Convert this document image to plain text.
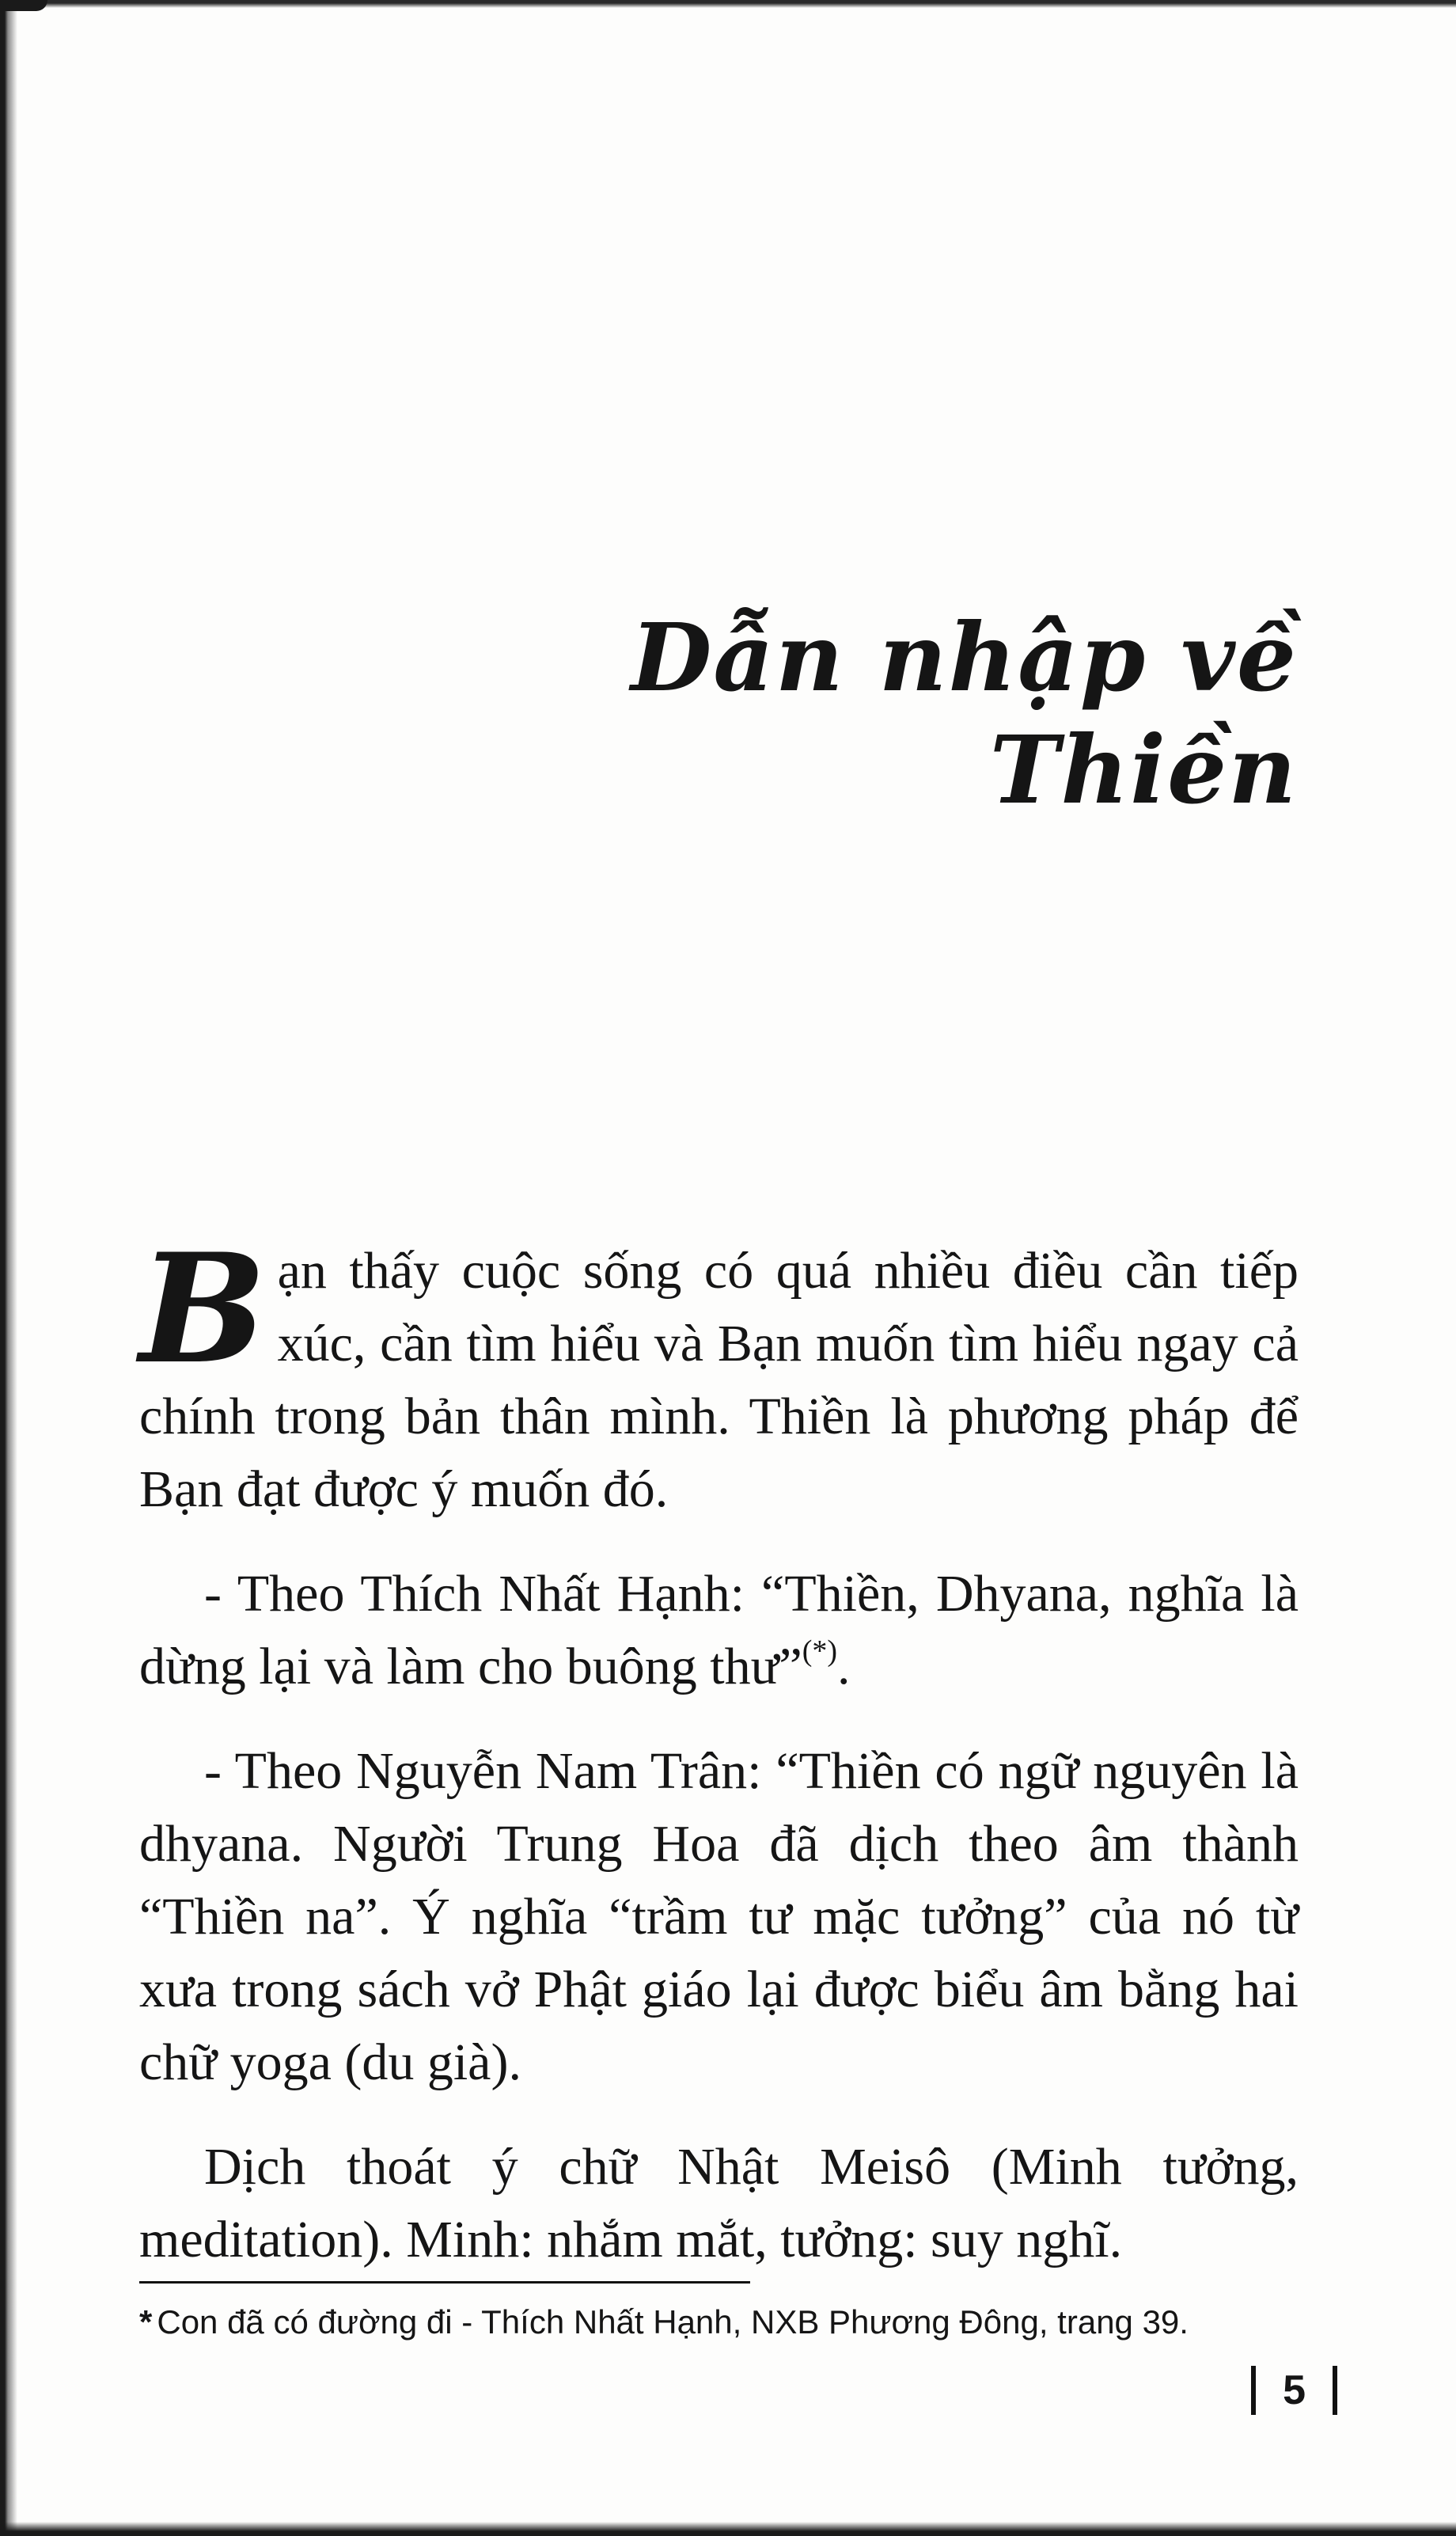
Dẫn nhập về Thiền

Bạn thấy cuộc sống có quá nhiều điều cần tiếp xúc, cần tìm hiểu và Bạn muốn tìm hiểu ngay cả chính trong bản thân mình. Thiền là phương pháp để Bạn đạt được ý muốn đó.

- Theo Thích Nhất Hạnh: “Thiền, Dhyana, nghĩa là dừng lại và làm cho buông thư”(*).

- Theo Nguyễn Nam Trân: “Thiền có ngữ nguyên là dhyana. Người Trung Hoa đã dịch theo âm thành “Thiền na”. Ý nghĩa “trầm tư mặc tưởng” của nó từ xưa trong sách vở Phật giáo lại được biểu âm bằng hai chữ yoga (du già).

Dịch thoát ý chữ Nhật Meisô (Minh tưởng, meditation). Minh: nhắm mắt, tưởng: suy nghĩ.

* Con đã có đường đi - Thích Nhất Hạnh, NXB Phương Đông, trang 39.
5
